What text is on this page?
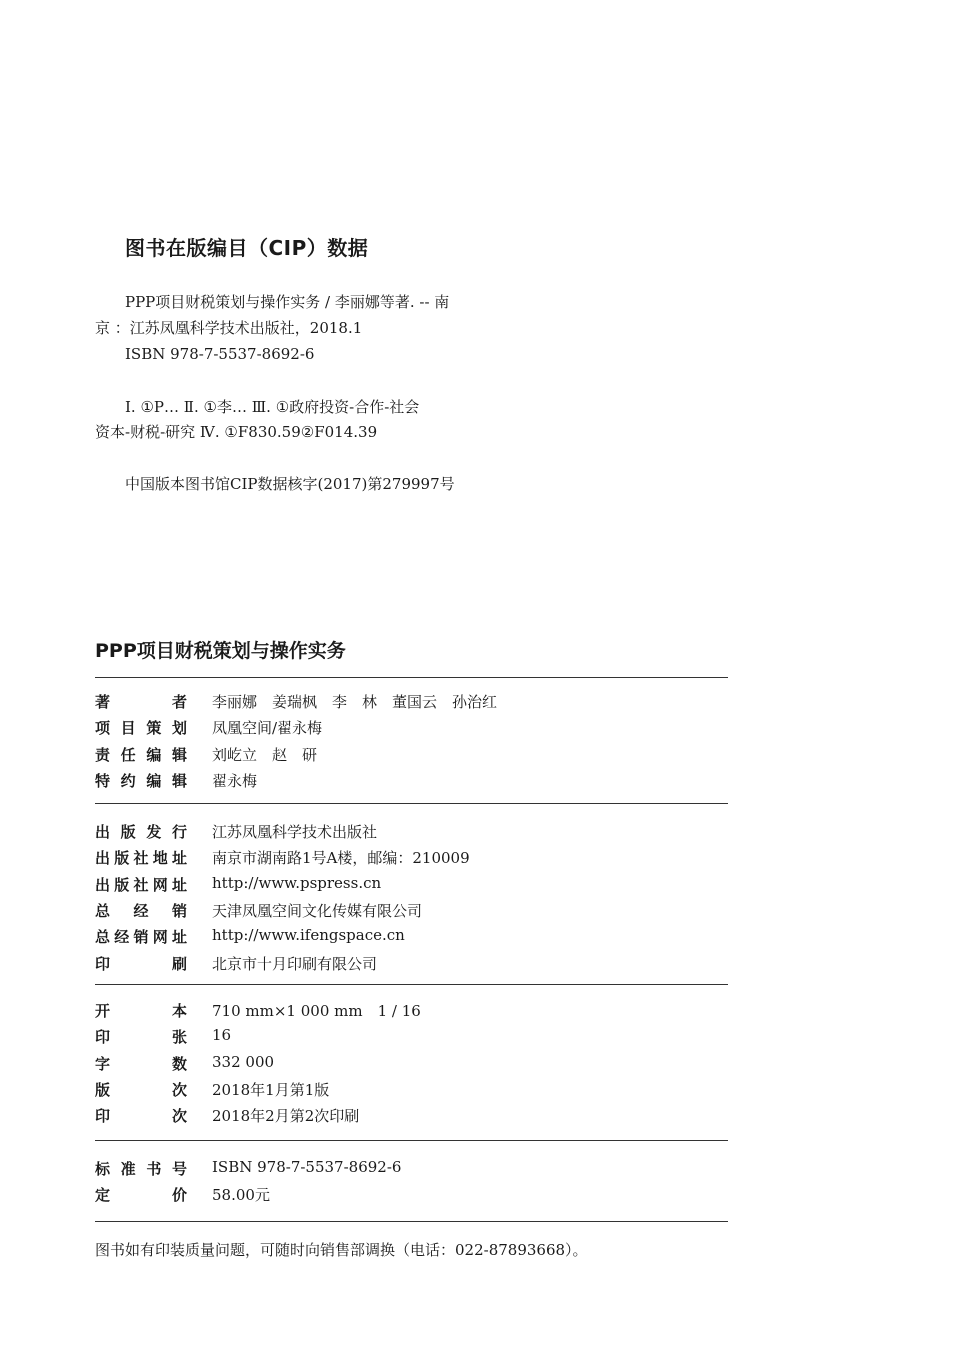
图书在版编目（CIP）数据
PPP项目财税策划与操作实务 / 李丽娜等著. -- 南
京 ：江苏凤凰科学技术出版社，2018.1
ISBN 978-7-5537-8692-6
Ⅰ. ①P… Ⅱ. ①李… Ⅲ. ①政府投资-合作-社会
资本-财税-研究 Ⅳ. ①F830.59②F014.39
中国版本图书馆CIP数据核字(2017)第279997号
PPP项目财税策划与操作实务
著	者 李丽娜　姜瑞枫　李　林　董国云　孙治红
项 目 策 划 凤凰空间/翟永梅
责 任 编 辑 刘屹立　赵　研
特 约 编 辑 翟永梅
出 版 发 行 江苏凤凰科学技术出版社
出 版 社 地 址 南京市湖南路1号A楼，邮编：210009
出 版 社 网 址 http://www.pspress.cn
总 经 销 天津凤凰空间文化传媒有限公司
总 经 销 网 址 http://www.ifengspace.cn
印	刷 北京市十月印刷有限公司
开	本 710 mm×1 000 mm　1 / 16
印	张 16
字	数 332 000
版	次 2018年1月第1版
印	次 2018年2月第2次印刷
标 准 书 号 ISBN 978-7-5537-8692-6
定	价 58.00元
图书如有印装质量问题，可随时向销售部调换（电话：022-87893668）。
